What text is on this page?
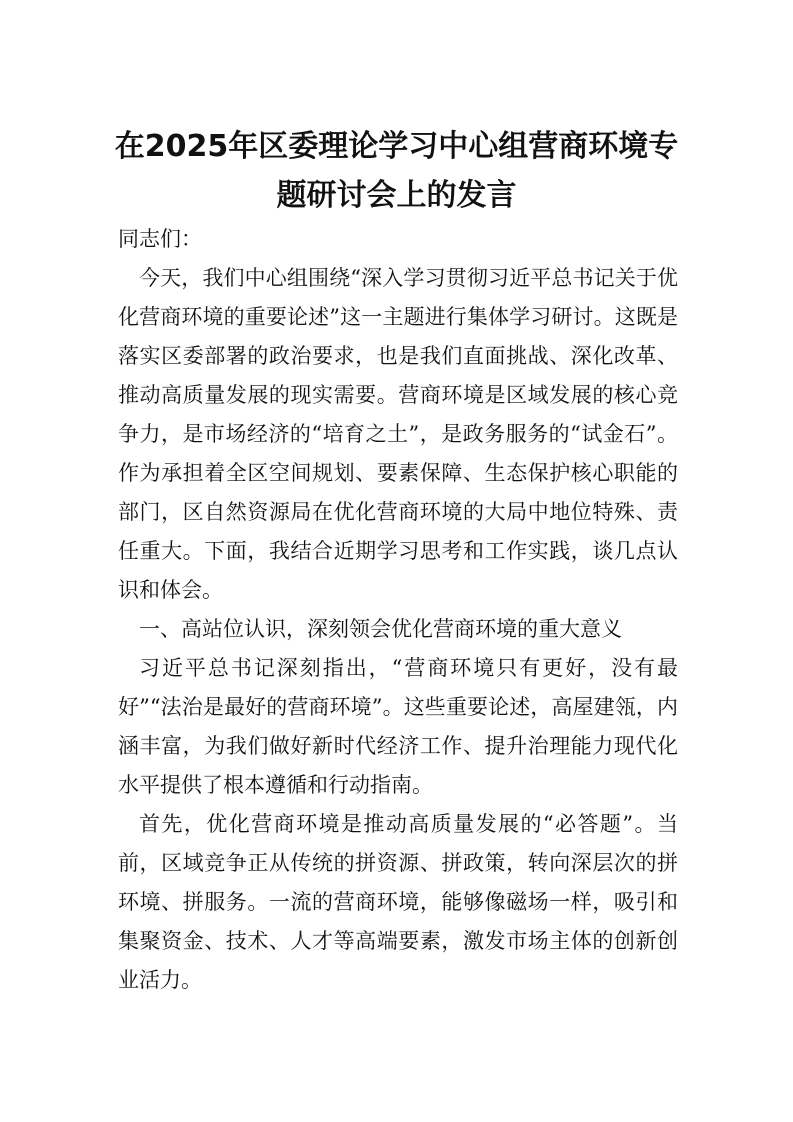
在2025年区委理论学习中心组营商环境专
题研讨会上的发言

同志们：

今天，我们中心组围绕“深入学习贯彻习近平总书记关于优化营商环境的重要论述”这一主题进行集体学习研讨。这既是落实区委部署的政治要求，也是我们直面挑战、深化改革、推动高质量发展的现实需要。营商环境是区域发展的核心竞争力，是市场经济的“培育之土”，是政务服务的“试金石”。作为承担着全区空间规划、要素保障、生态保护核心职能的部门，区自然资源局在优化营商环境的大局中地位特殊、责任重大。下面，我结合近期学习思考和工作实践，谈几点认识和体会。

一、高站位认识，深刻领会优化营商环境的重大意义

习近平总书记深刻指出，“营商环境只有更好，没有最好”“法治是最好的营商环境”。这些重要论述，高屋建瓴，内涵丰富，为我们做好新时代经济工作、提升治理能力现代化水平提供了根本遵循和行动指南。

首先，优化营商环境是推动高质量发展的“必答题”。当前，区域竞争正从传统的拼资源、拼政策，转向深层次的拼环境、拼服务。一流的营商环境，能够像磁场一样，吸引和集聚资金、技术、人才等高端要素，激发市场主体的创新创业活力。
